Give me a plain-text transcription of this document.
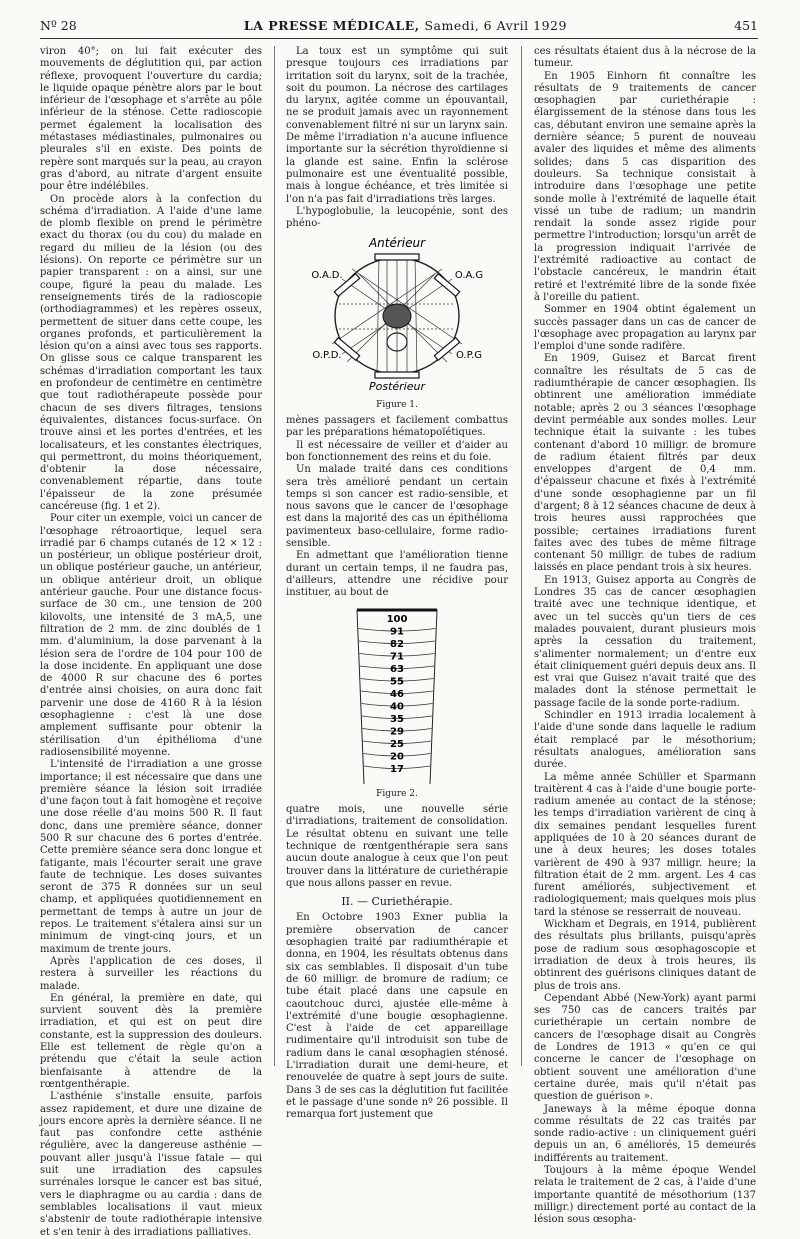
Nº 28	LA PRESSE MÉDICALE, Samedi, 6 Avril 1929	451

viron 40°; on lui fait exécuter des mouvements de déglutition qui, par action réflexe, provoquent l'ouverture du cardia; le liquide opaque pénètre alors par le bout inférieur de l'œsophage et s'arrête au pôle inférieur de la sténose. Cette radioscopie permet également la localisation des métastases médiastinales, pulmonaires ou pleurales s'il en existe. Des points de repère sont marqués sur la peau, au crayon gras d'abord, au nitrate d'argent ensuite pour être indélébiles.

On procède alors à la confection du schéma d'irradiation. A l'aide d'une lame de plomb flexible on prend le périmètre exact du thorax (ou du cou) du malade en regard du milieu de la lésion (ou des lésions). On reporte ce périmètre sur un papier transparent : on a ainsi, sur une coupe, figuré la peau du malade. Les renseignements tirés de la radioscopie (orthodiagrammes) et les repères osseux, permettent de situer dans cette coupe, les organes profonds, et particulièrement la lésion qu'on a ainsi avec tous ses rapports. On glisse sous ce calque transparent les schémas d'irradiation comportant les taux en profondeur de centimètre en centimètre que tout radiothérapeute possède pour chacun de ses divers filtrages, tensions équivalentes, distances focus-surface. On trouve ainsi et les portes d'entrées, et les localisateurs, et les constantes électriques, qui permettront, du moins théoriquement, d'obtenir la dose nécessaire, convenablement répartie, dans toute l'épaisseur de la zone présumée cancéreuse (fig. 1 et 2).

Pour citer un exemple, voici un cancer de l'œsophage rétroaortique, lequel sera irradié par 6 champs cutanés de 12 × 12 : un postérieur, un oblique postérieur droit, un oblique postérieur gauche, un antérieur, un oblique antérieur droit, un oblique antérieur gauche. Pour une distance focus-surface de 30 cm., une tension de 200 kilovolts, une intensité de 3 mA,5, une filtration de 2 mm. de zinc doublés de 1 mm. d'aluminium, la dose parvenant à la lésion sera de l'ordre de 104 pour 100 de la dose incidente. En appliquant une dose de 4000 R sur chacune des 6 portes d'entrée ainsi choisies, on aura donc fait parvenir une dose de 4160 R à la lésion œsophagienne : c'est là une dose amplement suffisante pour obtenir la stérilisation d'un épithélioma d'une radiosensibilité moyenne.

L'intensité de l'irradiation a une grosse importance; il est nécessaire que dans une première séance la lésion soit irradiée d'une façon tout à fait homogène et reçoive une dose réelle d'au moins 500 R. Il faut donc, dans une première séance, donner 500 R sur chacune des 6 portes d'entrée. Cette première séance sera donc longue et fatigante, mais l'écourter serait une grave faute de technique. Les doses suivantes seront de 375 R données sur un seul champ, et appliquées quotidiennement en permettant de temps à autre un jour de repos. Le traitement s'étalera ainsi sur un minimum de vingt-cinq jours, et un maximum de trente jours.

Après l'application de ces doses, il restera à surveiller les réactions du malade.

En général, la première en date, qui survient souvent dès la première irradiation, et qui est on peut dire constante, est la suppression des douleurs. Elle est tellement de règle qu'on a prétendu que c'était la seule action bienfaisante à attendre de la rœntgenthérapie.

L'asthénie s'installe ensuite, parfois assez rapidement, et dure une dizaine de jours encore après la dernière séance. Il ne faut pas confondre cette asthénie régulière, avec la dangereuse asthénie — pouvant aller jusqu'à l'issue fatale — qui suit une irradiation des capsules surrénales lorsque le cancer est bas situé, vers le diaphragme ou au cardia : dans de semblables localisations il vaut mieux s'abstenir de toute radiothérapie intensive et s'en tenir à des irradiations palliatives.

La toux est un symptôme qui suit presque toujours ces irradiations par irritation soit du larynx, soit de la trachée, soit du poumon. La nécrose des cartilages du larynx, agitée comme un épouvantail, ne se produit jamais avec un rayonnement convenablement filtré ni sur un larynx sain. De même l'irradiation n'a aucune influence importante sur la sécrétion thyroïdienne si la glande est saine. Enfin la sclérose pulmonaire est une éventualité possible, mais à longue échéance, et très limitée si l'on n'a pas fait d'irradiations très larges.

L'hypoglobulie, la leucopénie, sont des phéno-

Antérieur
O.A.D.	O.A.G
O.P.D.	O.P.G
Postérieur
Figure 1.

mènes passagers et facilement combattus par les préparations hématopoïétiques.

Il est nécessaire de veiller et d'aider au bon fonctionnement des reins et du foie.

Un malade traité dans ces conditions sera très amélioré pendant un certain temps si son cancer est radio-sensible, et nous savons que le cancer de l'œsophage est dans la majorité des cas un épithélioma pavimenteux baso-cellulaire, forme radio-sensible.

En admettant que l'amélioration tienne durant un certain temps, il ne faudra pas, d'ailleurs, attendre une récidive pour instituer, au bout de

100
91
82
71
63
55
46
40
35
29
25
20
17
Figure 2.

quatre mois, une nouvelle série d'irradiations, traitement de consolidation. Le résultat obtenu en suivant une telle technique de rœntgenthérapie sera sans aucun doute analogue à ceux que l'on peut trouver dans la littérature de curiethérapie que nous allons passer en revue.

II. — Curiethérapie.

En Octobre 1903 Exner publia la première observation de cancer œsophagien traité par radiumthérapie et donna, en 1904, les résultats obtenus dans six cas semblables. Il disposait d'un tube de 60 milligr. de bromure de radium; ce tube était placé dans une capsule en caoutchouc durci, ajustée elle-même à l'extrémité d'une bougie œsophagienne. C'est à l'aide de cet appareillage rudimentaire qu'il introduisit son tube de radium dans le canal œsophagien sténosé. L'irradiation durait une demi-heure, et renouvelée de quatre à sept jours de suite. Dans 3 de ses cas la déglutition fut facilitée et le passage d'une sonde nº 26 possible. Il remarqua fort justement que

ces résultats étaient dus à la nécrose de la tumeur.

En 1905 Einhorn fit connaître les résultats de 9 traitements de cancer œsophagien par curiethérapie : élargissement de la sténose dans tous les cas, débutant environ une semaine après la dernière séance; 5 purent de nouveau avaler des liquides et même des aliments solides; dans 5 cas disparition des douleurs. Sa technique consistait à introduire dans l'œsophage une petite sonde molle à l'extrémité de laquelle était vissé un tube de radium; un mandrin rendait la sonde assez rigide pour permettre l'introduction; lorsqu'un arrêt de la progression indiquait l'arrivée de l'extrémité radioactive au contact de l'obstacle cancéreux, le mandrin était retiré et l'extrémité libre de la sonde fixée à l'oreille du patient.

Sommer en 1904 obtint également un succès passager dans un cas de cancer de l'œsophage avec propagation au larynx par l'emploi d'une sonde radifère.

En 1909, Guisez et Barcat firent connaître les résultats de 5 cas de radiumthérapie de cancer œsophagien. Ils obtinrent une amélioration immédiate notable; après 2 ou 3 séances l'œsophage devint perméable aux sondes molles. Leur technique était la suivante : les tubes contenant d'abord 10 milligr. de bromure de radium étaient filtrés par deux enveloppes d'argent de 0,4 mm. d'épaisseur chacune et fixés à l'extrémité d'une sonde œsophagienne par un fil d'argent; 8 à 12 séances chacune de deux à trois heures aussi rapprochées que possible; certaines irradiations furent faites avec des tubes de même filtrage contenant 50 milligr. de tubes de radium laissés en place pendant trois à six heures.

En 1913, Guisez apporta au Congrès de Londres 35 cas de cancer œsophagien traité avec une technique identique, et avec un tel succès qu'un tiers de ces malades pouvaient, durant plusieurs mois après la cessation du traitement, s'alimenter normalement; un d'entre eux était cliniquement guéri depuis deux ans. Il est vrai que Guisez n'avait traité que des malades dont la sténose permettait le passage facile de la sonde porte-radium.

Schindler en 1913 irradia localement à l'aide d'une sonde dans laquelle le radium était remplacé par le mésothorium; résultats analogues, amélioration sans durée.

La même année Schüller et Sparmann traitèrent 4 cas à l'aide d'une bougie porte-radium amenée au contact de la sténose; les temps d'irradiation varièrent de cinq à dix semaines pendant lesquelles furent appliquées de 10 à 20 séances durant de une à deux heures; les doses totales varièrent de 490 à 937 milligr. heure; la filtration était de 2 mm. argent. Les 4 cas furent améliorés, subjectivement et radiologiquement; mais quelques mois plus tard la sténose se resserrait de nouveau.

Wickham et Degrais, en 1914, publièrent des résultats plus brillants, puisqu'après pose de radium sous œsophagoscopie et irradiation de deux à trois heures, ils obtinrent des guérisons cliniques datant de plus de trois ans.

Cependant Abbé (New-York) ayant parmi ses 750 cas de cancers traités par curiethérapie un certain nombre de cancers de l'œsophage disait au Congrès de Londres de 1913 « qu'en ce qui concerne le cancer de l'œsophage on obtient souvent une amélioration d'une certaine durée, mais qu'il n'était pas question de guérison ».

Janeways à la même époque donna comme résultats de 22 cas traités par sonde radio-active : un cliniquement guéri depuis un an, 6 améliorés, 15 demeurés indifférents au traitement.

Toujours à la même époque Wendel relata le traitement de 2 cas, à l'aide d'une importante quantité de mésothorium (137 milligr.) directement porté au contact de la lésion sous œsopha-
